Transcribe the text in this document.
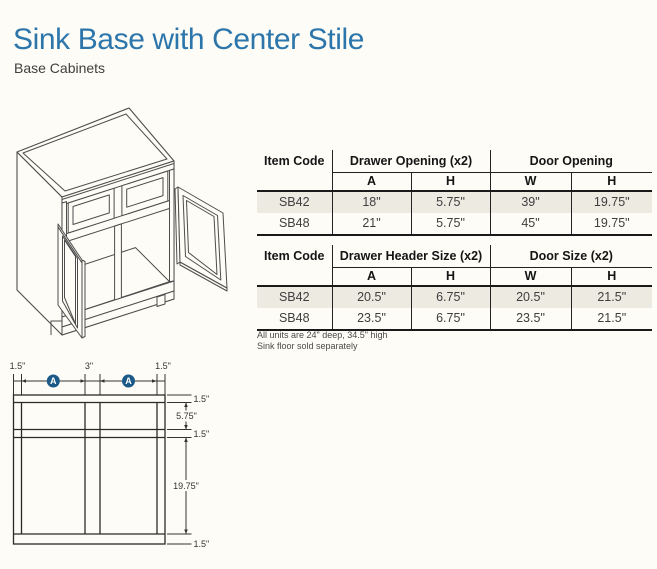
Sink Base with Center Stile
Base Cabinets
Item Code	Drawer Opening (x2)		Door Opening	
	A	H	W	H
SB42	18"	5.75"	39"	19.75"
SB48	21"	5.75"	45"	19.75"
Item Code	Drawer Header Size (x2)		Door Size (x2)	
	A	H	W	H
SB42	20.5"	6.75"	20.5"	21.5"
SB48	23.5"	6.75"	23.5"	21.5"
All units are 24" deep, 34.5" high
Sink floor sold separately
A	A
1.5"	3"	1.5"
1.5"
5.75"
1.5"
19.75"
1.5"
